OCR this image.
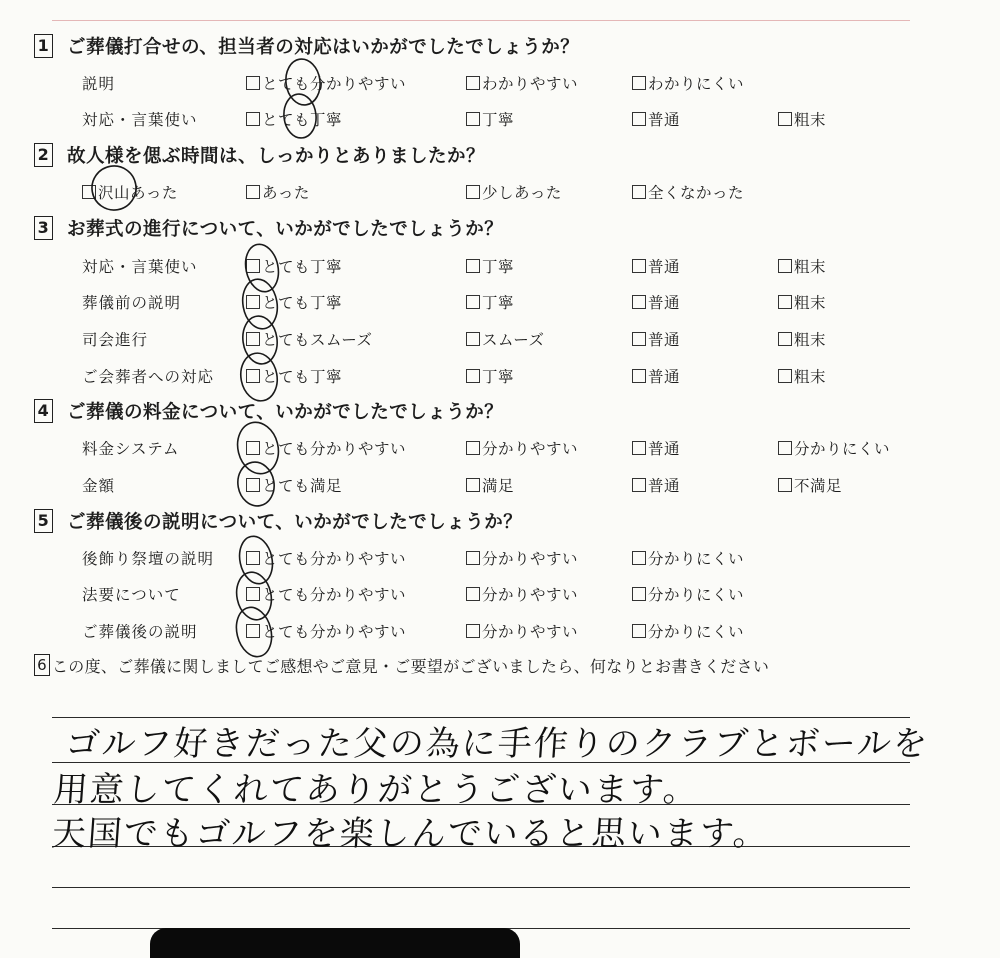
1 ご葬儀打合せの、担当者の対応はいかがでしたでしょうか？
説明	とても分かりやすい	わかりやすい	わかりにくい
対応・言葉使い	とても丁寧	丁寧	普通	粗末
2 故人様を偲ぶ時間は、しっかりとありましたか？
沢山あった	あった	少しあった	全くなかった
3 お葬式の進行について、いかがでしたでしょうか？
対応・言葉使い	とても丁寧	丁寧	普通	粗末
葬儀前の説明	とても丁寧	丁寧	普通	粗末
司会進行	とてもスムーズ	スムーズ	普通	粗末
ご会葬者への対応	とても丁寧	丁寧	普通	粗末
4 ご葬儀の料金について、いかがでしたでしょうか？
料金システム	とても分かりやすい	分かりやすい	普通	分かりにくい
金額	とても満足	満足	普通	不満足
5 ご葬儀後の説明について、いかがでしたでしょうか？
後飾り祭壇の説明	とても分かりやすい	分かりやすい	分かりにくい
法要について	とても分かりやすい	分かりやすい	分かりにくい
ご葬儀後の説明	とても分かりやすい	分かりやすい	分かりにくい
6 この度、ご葬儀に関しましてご感想やご意見・ご要望がございましたら、何なりとお書きください
ゴルフ好きだった父の為に手作りのクラブとボールを
用意してくれてありがとうございます。
天国でもゴルフを楽しんでいると思います。
